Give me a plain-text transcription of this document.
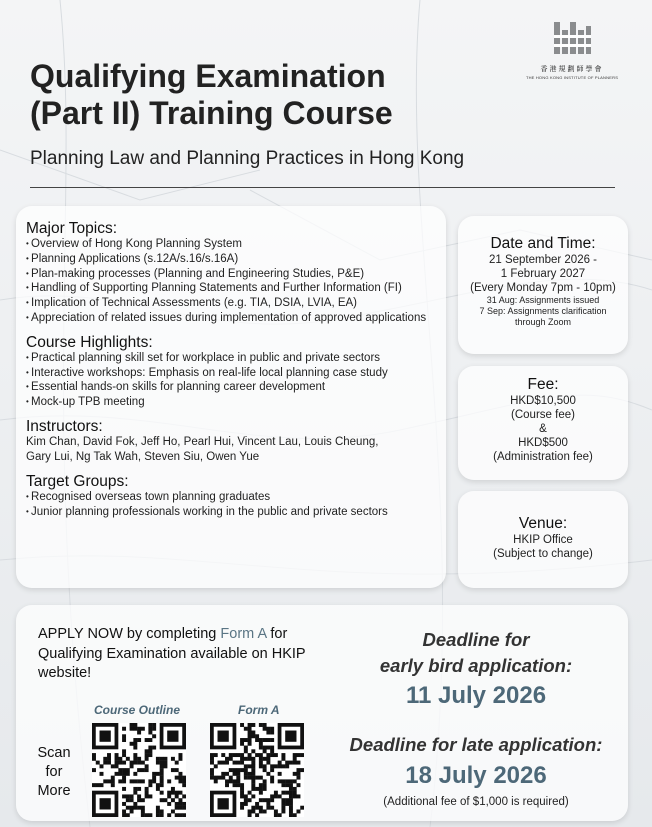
香港規劃師學會
THE HONG KONG INSTITUTE OF PLANNERS
Qualifying Examination
(Part II) Training Course
Planning Law and Planning Practices in Hong Kong
Major Topics:
• Overview of Hong Kong Planning System
• Planning Applications (s.12A/s.16/s.16A)
• Plan-making processes (Planning and Engineering Studies, P&E)
• Handling of Supporting Planning Statements and Further Information (FI)
• Implication of Technical Assessments (e.g. TIA, DSIA, LVIA, EA)
• Appreciation of related issues during implementation of approved applications
Course Highlights:
• Practical planning skill set for workplace in public and private sectors
• Interactive workshops: Emphasis on real-life local planning case study
• Essential hands-on skills for planning career development
• Mock-up TPB meeting
Instructors:
Kim Chan, David Fok, Jeff Ho, Pearl Hui, Vincent Lau, Louis Cheung,
Gary Lui, Ng Tak Wah, Steven Siu, Owen Yue
Target Groups:
• Recognised overseas town planning graduates
• Junior planning professionals working in the public and private sectors
Date and Time:
21 September 2026 -
1 February 2027
(Every Monday 7pm - 10pm)
31 Aug: Assignments issued
7 Sep: Assignments clarification
through Zoom
Fee:
HKD$10,500
(Course fee)
&
HKD$500
(Administration fee)
Venue:
HKIP Office
(Subject to change)
APPLY NOW by completing Form A for Qualifying Examination available on HKIP website!
Course Outline	Form A
Scan
for
More
Deadline for
early bird application:
11 July 2026
Deadline for late application:
18 July 2026
(Additional fee of $1,000 is required)
